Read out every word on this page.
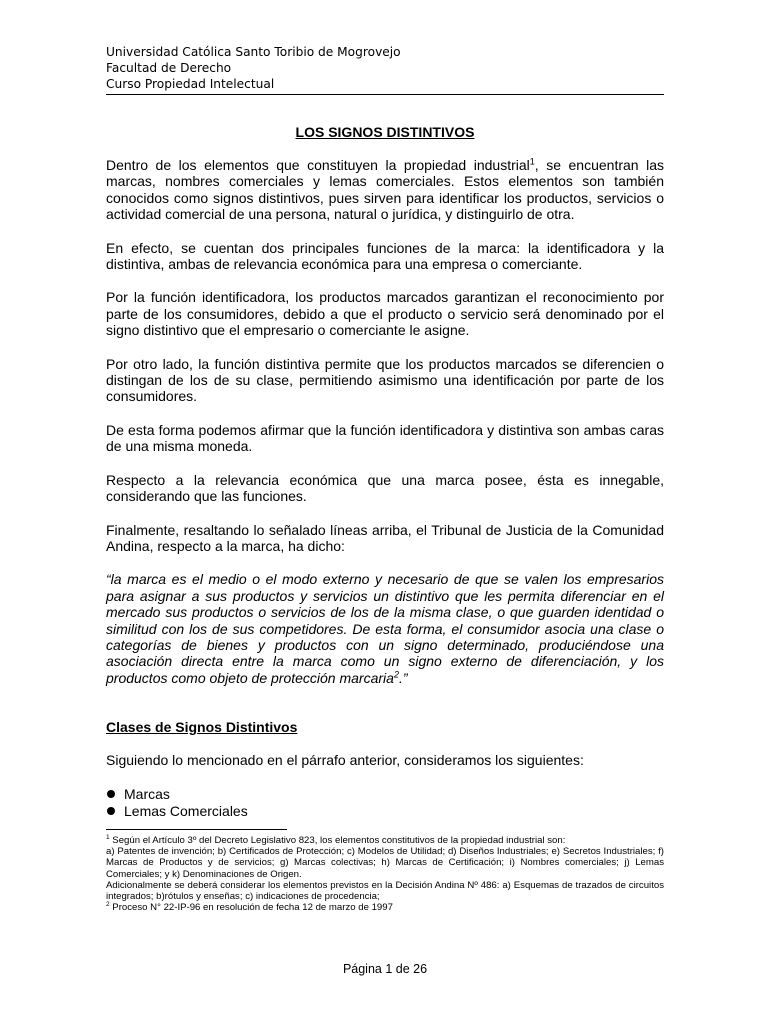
Universidad Católica Santo Toribio de Mogrovejo
Facultad de Derecho
Curso Propiedad Intelectual
LOS SIGNOS DISTINTIVOS

Dentro de los elementos que constituyen la propiedad industrial$^1$, se encuentran las marcas, nombres comerciales y lemas comerciales. Estos elementos son también conocidos como signos distintivos, pues sirven para identificar los productos, servicios o actividad comercial de una persona, natural o jurídica, y distinguirlo de otra.

En efecto, se cuentan dos principales funciones de la marca: la identificadora y la distintiva, ambas de relevancia económica para una empresa o comerciante.

Por la función identificadora, los productos marcados garantizan el reconocimiento por parte de los consumidores, debido a que el producto o servicio será denominado por el signo distintivo que el empresario o comerciante le asigne.

Por otro lado, la función distintiva permite que los productos marcados se diferencien o distingan de los de su clase, permitiendo asimismo una identificación por parte de los consumidores.

De esta forma podemos afirmar que la función identificadora y distintiva son ambas caras de una misma moneda.

Respecto a la relevancia económica que una marca posee, ésta es innegable, considerando que las funciones.

Finalmente, resaltando lo señalado líneas arriba, el Tribunal de Justicia de la Comunidad Andina, respecto a la marca, ha dicho:

“la marca es el medio o el modo externo y necesario de que se valen los empresarios para asignar a sus productos y servicios un distintivo que les permita diferenciar en el mercado sus productos o servicios de los de la misma clase, o que guarden identidad o similitud con los de sus competidores. De esta forma, el consumidor asocia una clase o categorías de bienes y productos con un signo determinado, produciéndose una asociación directa entre la marca como un signo externo de diferenciación, y los productos como objeto de protección marcaria$^2$.”

Clases de Signos Distintivos

Siguiendo lo mencionado en el párrafo anterior, consideramos los siguientes:

Marcas
Lemas Comerciales

$^1$ Según el Artículo 3º del Decreto Legislativo 823, los elementos constitutivos de la propiedad industrial son:

a) Patentes de invención; b) Certificados de Protección; c) Modelos de Utilidad; d) Diseños Industriales; e) Secretos Industriales; f) Marcas de Productos y de servicios; g) Marcas colectivas; h) Marcas de Certificación; i) Nombres comerciales; j) Lemas Comerciales; y k) Denominaciones de Origen.

Adicionalmente se deberá considerar los elementos previstos en la Decisión Andina Nº 486: a) Esquemas de trazados de circuitos integrados; b)rótulos y enseñas; c) indicaciones de procedencia;

$^2$ Proceso N° 22-IP-96 en resolución de fecha 12 de marzo de 1997

Página 1 de 26
